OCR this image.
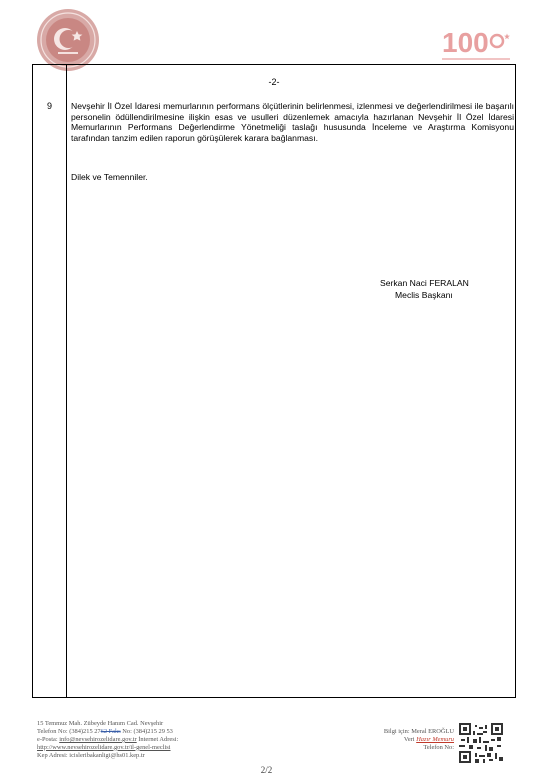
100
-2-
9 Nevşehir İl Özel İdaresi memurlarının performans ölçütlerinin belirlenmesi, izlenmesi ve değerlendirilmesi ile başarılı personelin ödüllendirilmesine ilişkin esas ve usulleri düzenlemek amacıyla hazırlanan Nevşehir İl Özel İdaresi Memurlarının Performans Değerlendirme Yönetmeliği taslağı hususunda İnceleme ve Araştırma Komisyonu tarafından tanzim edilen raporun görüşülerek karara bağlanması.
Dilek ve Temenniler.
Serkan Naci FERALAN
Meclis Başkanı
15 Temmuz Mah. Zübeyde Hanım Cad. Nevşehir
Telefon No: (384)215 2762 Faks No: (384)215 29 53
e-Posta: info@nevsehirozelidare.gov.tr İnternet Adresi:
http://www.nevsehirozelidare.gov.tr/il-genel-meclisi
Kep Adresi: icisleribakanligi@hs01.kep.tr
Bilgi için: Meral EROĞLU
Veri Hazır Memuru
Telefon No:
2/2
